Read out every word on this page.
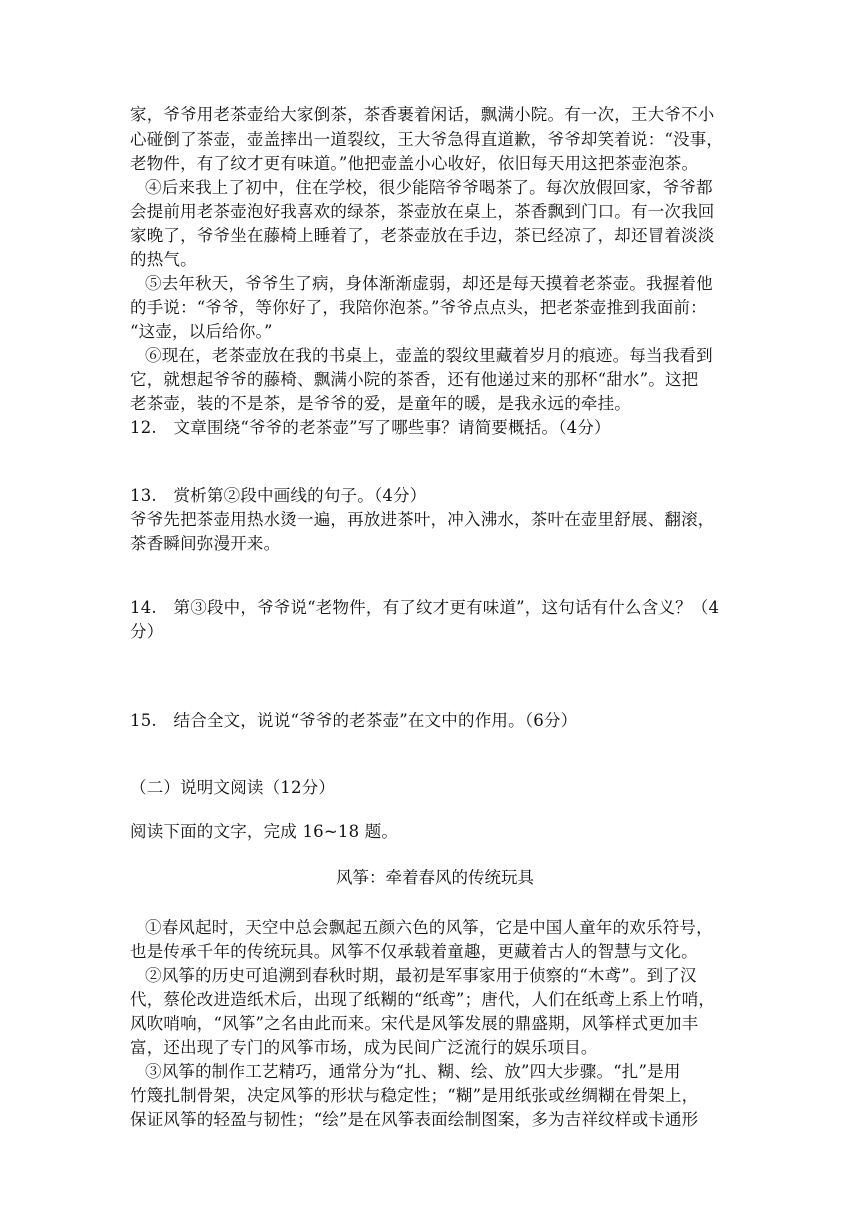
家，爷爷用老茶壶给大家倒茶，茶香裹着闲话，飘满小院。有一次，王大爷不小
心碰倒了茶壶，壶盖摔出一道裂纹，王大爷急得直道歉，爷爷却笑着说：“没事，
老物件，有了纹才更有味道。”他把壶盖小心收好，依旧每天用这把茶壶泡茶。
④后来我上了初中，住在学校，很少能陪爷爷喝茶了。每次放假回家，爷爷都
会提前用老茶壶泡好我喜欢的绿茶，茶壶放在桌上，茶香飘到门口。有一次我回
家晚了，爷爷坐在藤椅上睡着了，老茶壶放在手边，茶已经凉了，却还冒着淡淡
的热气。
⑤去年秋天，爷爷生了病，身体渐渐虚弱，却还是每天摸着老茶壶。我握着他
的手说：“爷爷，等你好了，我陪你泡茶。”爷爷点点头，把老茶壶推到我面前：
“这壶，以后给你。”
⑥现在，老茶壶放在我的书桌上，壶盖的裂纹里藏着岁月的痕迹。每当我看到
它，就想起爷爷的藤椅、飘满小院的茶香，还有他递过来的那杯“甜水”。这把
老茶壶，装的不是茶，是爷爷的爱，是童年的暖，是我永远的牵挂。
12.　文章围绕“爷爷的老茶壶”写了哪些事？请简要概括。（4分）
13.　赏析第②段中画线的句子。（4分）
爷爷先把茶壶用热水烫一遍，再放进茶叶，冲入沸水，茶叶在壶里舒展、翻滚，
茶香瞬间弥漫开来。
14.　第③段中，爷爷说“老物件，有了纹才更有味道”，这句话有什么含义？（4
分）
15.　结合全文，说说“爷爷的老茶壶”在文中的作用。（6分）
（二）说明文阅读（12分）
阅读下面的文字，完成 16~18 题。
风筝：牵着春风的传统玩具
①春风起时，天空中总会飘起五颜六色的风筝，它是中国人童年的欢乐符号，
也是传承千年的传统玩具。风筝不仅承载着童趣，更藏着古人的智慧与文化。
②风筝的历史可追溯到春秋时期，最初是军事家用于侦察的“木鸢”。到了汉
代，蔡伦改进造纸术后，出现了纸糊的“纸鸢”；唐代，人们在纸鸢上系上竹哨，
风吹哨响，“风筝”之名由此而来。宋代是风筝发展的鼎盛期，风筝样式更加丰
富，还出现了专门的风筝市场，成为民间广泛流行的娱乐项目。
③风筝的制作工艺精巧，通常分为“扎、糊、绘、放”四大步骤。“扎”是用
竹篾扎制骨架，决定风筝的形状与稳定性；“糊”是用纸张或丝绸糊在骨架上，
保证风筝的轻盈与韧性；“绘”是在风筝表面绘制图案，多为吉祥纹样或卡通形
